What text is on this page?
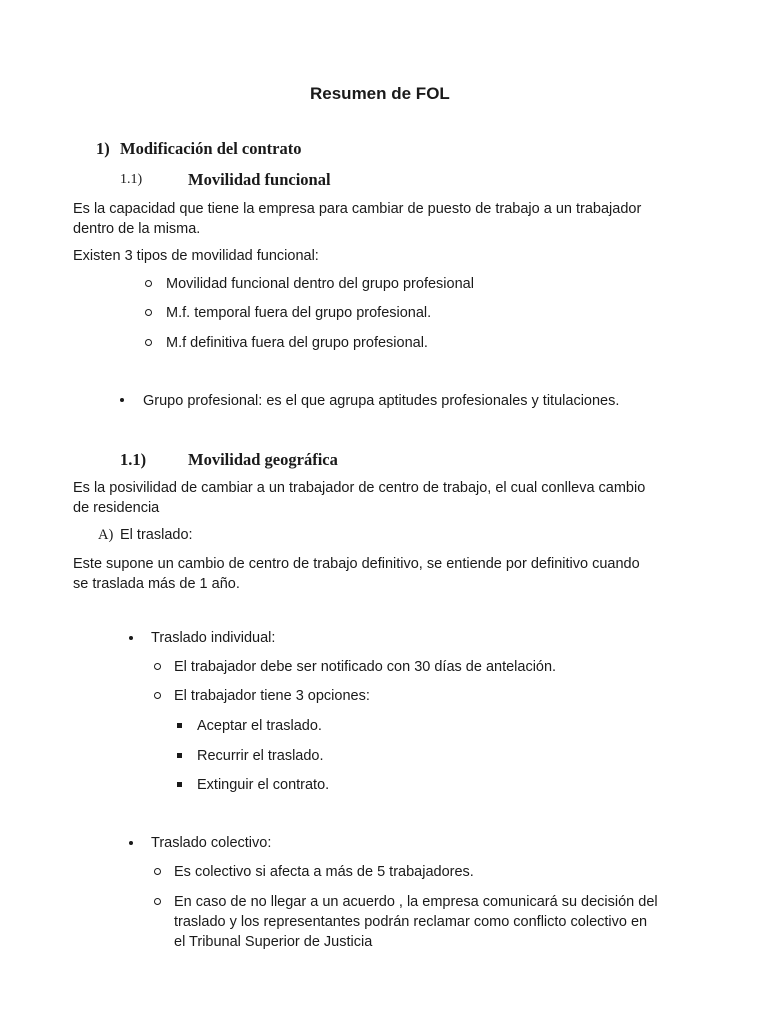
Resumen de FOL
1) Modificación del contrato
1.1)	Movilidad funcional
Es la capacidad que tiene la empresa para cambiar de puesto de trabajo a un trabajador
dentro de la misma.
Existen 3 tipos de movilidad funcional:
Movilidad funcional dentro del grupo profesional
M.f. temporal fuera del grupo profesional.
M.f definitiva fuera del grupo profesional.
Grupo profesional: es el que agrupa aptitudes profesionales y titulaciones.
1.1)	Movilidad geográfica
Es la posivilidad de cambiar a un trabajador de centro de trabajo, el cual conlleva cambio
de residencia
A) El traslado:
Este supone un cambio de centro de trabajo definitivo, se entiende por definitivo cuando
se traslada más de 1 año.
Traslado individual:
El trabajador debe ser notificado con 30 días de antelación.
El trabajador tiene 3 opciones:
Aceptar el traslado.
Recurrir el traslado.
Extinguir el contrato.
Traslado colectivo:
Es colectivo si afecta a más de 5 trabajadores.
En caso de no llegar a un acuerdo , la empresa comunicará su decisión del
traslado y los representantes podrán reclamar como conflicto colectivo en
el Tribunal Superior de Justicia
